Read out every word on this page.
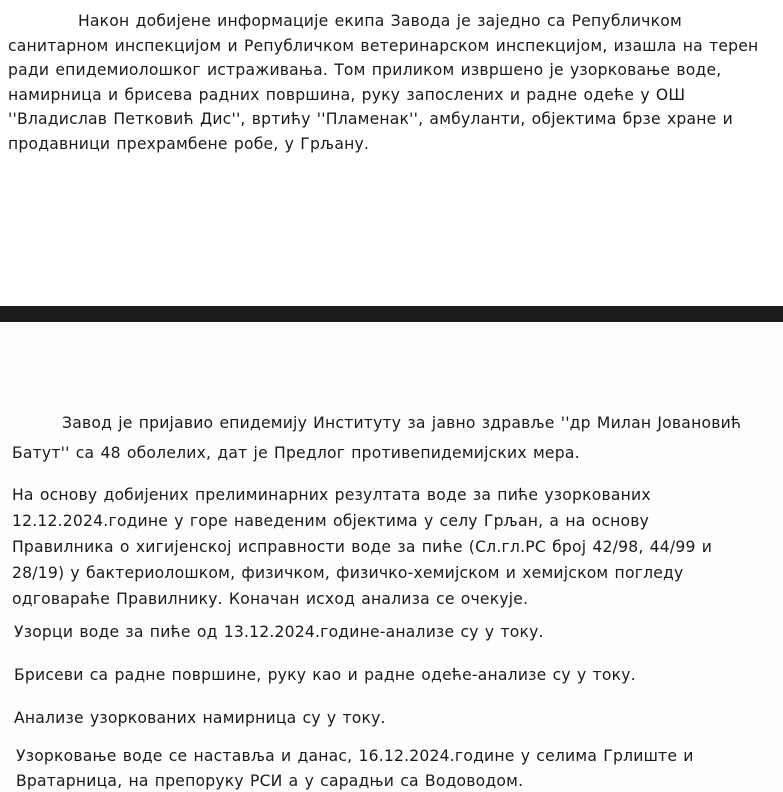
Након добијене информације екипа Завода је заједно са Републичком санитарном инспекцијом и Републичком ветеринарском инспекцијом, изашла на терен ради епидемиолошког истраживања. Том приликом извршено је узорковање воде, намирница и брисева радних површина, руку запослених и радне одеће у ОШ ''Владислав Петковић Дис'', вртићу ''Пламенак'', амбуланти, објектима брзе хране и продавници прехрамбене робе, у Грљану.

Завод је пријавио епидемију Институту за јавно здравље ''др Милан Јовановић Батут'' са 48 оболелих, дат је Предлог противепидемијских мера.

На основу добијених прелиминарних резултата воде за пиће узоркованих 12.12.2024.године у горе наведеним објектима у селу Грљан, а на основу Правилника о хигијенској исправности воде за пиће (Сл.гл.РС број 42/98, 44/99 и 28/19) у бактериолошком, физичком, физичко-хемијском и хемијском погледу одговараће Правилнику. Коначан исход анализа се очекује.

Узорци воде за пиће од 13.12.2024.године-анализе су у току.

Брисеви са радне површине, руку као и радне одеће-анализе су у току.

Анализе узоркованих намирница су у току.

Узорковање воде се наставља и данас, 16.12.2024.године у селима Грлиште и Вратарница, на препоруку РСИ а у сарадњи са Водоводом.
